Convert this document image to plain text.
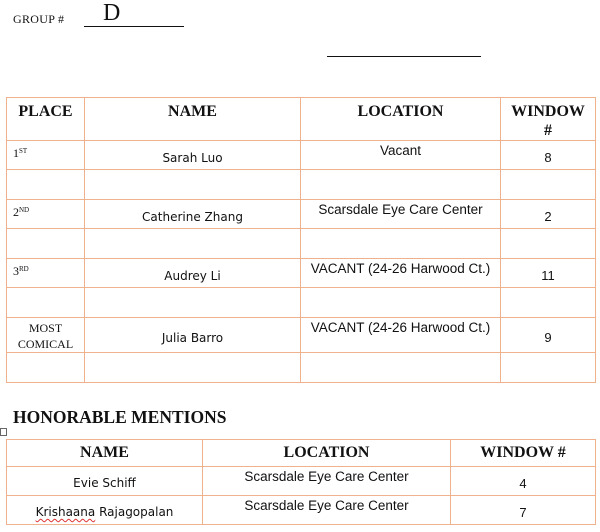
GROUP # D
PLACE	NAME	LOCATION	WINDOW
#
1ST	Sarah Luo	Vacant	8

2ND	Catherine Zhang	Scarsdale Eye Care Center	2

3RD	Audrey Li	VACANT (24-26 Harwood Ct.)	11

MOST COMICAL	Julia Barro	VACANT (24-26 Harwood Ct.)	9

HONORABLE MENTIONS
NAME	LOCATION	WINDOW #
Evie Schiff	Scarsdale Eye Care Center	4
Krishaana Rajagopalan	Scarsdale Eye Care Center	7
